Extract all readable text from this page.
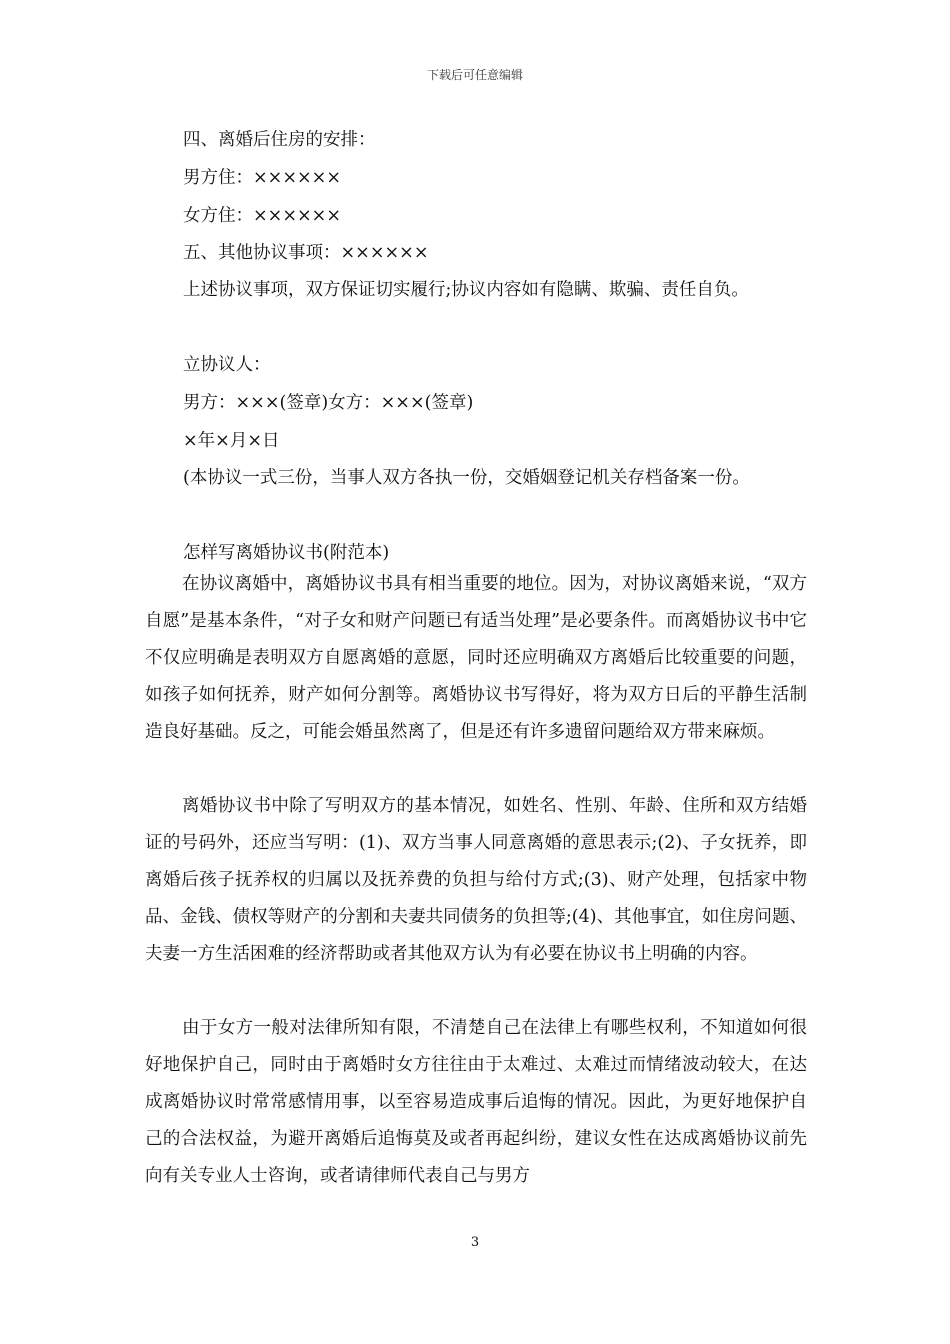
下载后可任意编辑
四、离婚后住房的安排：
男方住：××××××
女方住：××××××
五、其他协议事项：××××××
上述协议事项，双方保证切实履行;协议内容如有隐瞒、欺骗、责任自负。
立协议人：
男方：×××(签章)女方：×××(签章)
×年×月×日
(本协议一式三份，当事人双方各执一份，交婚姻登记机关存档备案一份。
怎样写离婚协议书(附范本)
在协议离婚中，离婚协议书具有相当重要的地位。因为，对协议离婚来说，“双方自愿”是基本条件，“对子女和财产问题已有适当处理”是必要条件。而离婚协议书中它不仅应明确是表明双方自愿离婚的意愿，同时还应明确双方离婚后比较重要的问题，如孩子如何抚养，财产如何分割等。离婚协议书写得好，将为双方日后的平静生活制造良好基础。反之，可能会婚虽然离了，但是还有许多遗留问题给双方带来麻烦。
离婚协议书中除了写明双方的基本情况，如姓名、性别、年龄、住所和双方结婚证的号码外，还应当写明：(1)、双方当事人同意离婚的意思表示;(2)、子女抚养，即离婚后孩子抚养权的归属以及抚养费的负担与给付方式;(3)、财产处理，包括家中物品、金钱、债权等财产的分割和夫妻共同债务的负担等;(4)、其他事宜，如住房问题、夫妻一方生活困难的经济帮助或者其他双方认为有必要在协议书上明确的内容。
由于女方一般对法律所知有限，不清楚自己在法律上有哪些权利，不知道如何很好地保护自己，同时由于离婚时女方往往由于太难过、太难过而情绪波动较大，在达成离婚协议时常常感情用事，以至容易造成事后追悔的情况。因此，为更好地保护自己的合法权益，为避开离婚后追悔莫及或者再起纠纷，建议女性在达成离婚协议前先向有关专业人士咨询，或者请律师代表自己与男方
3
